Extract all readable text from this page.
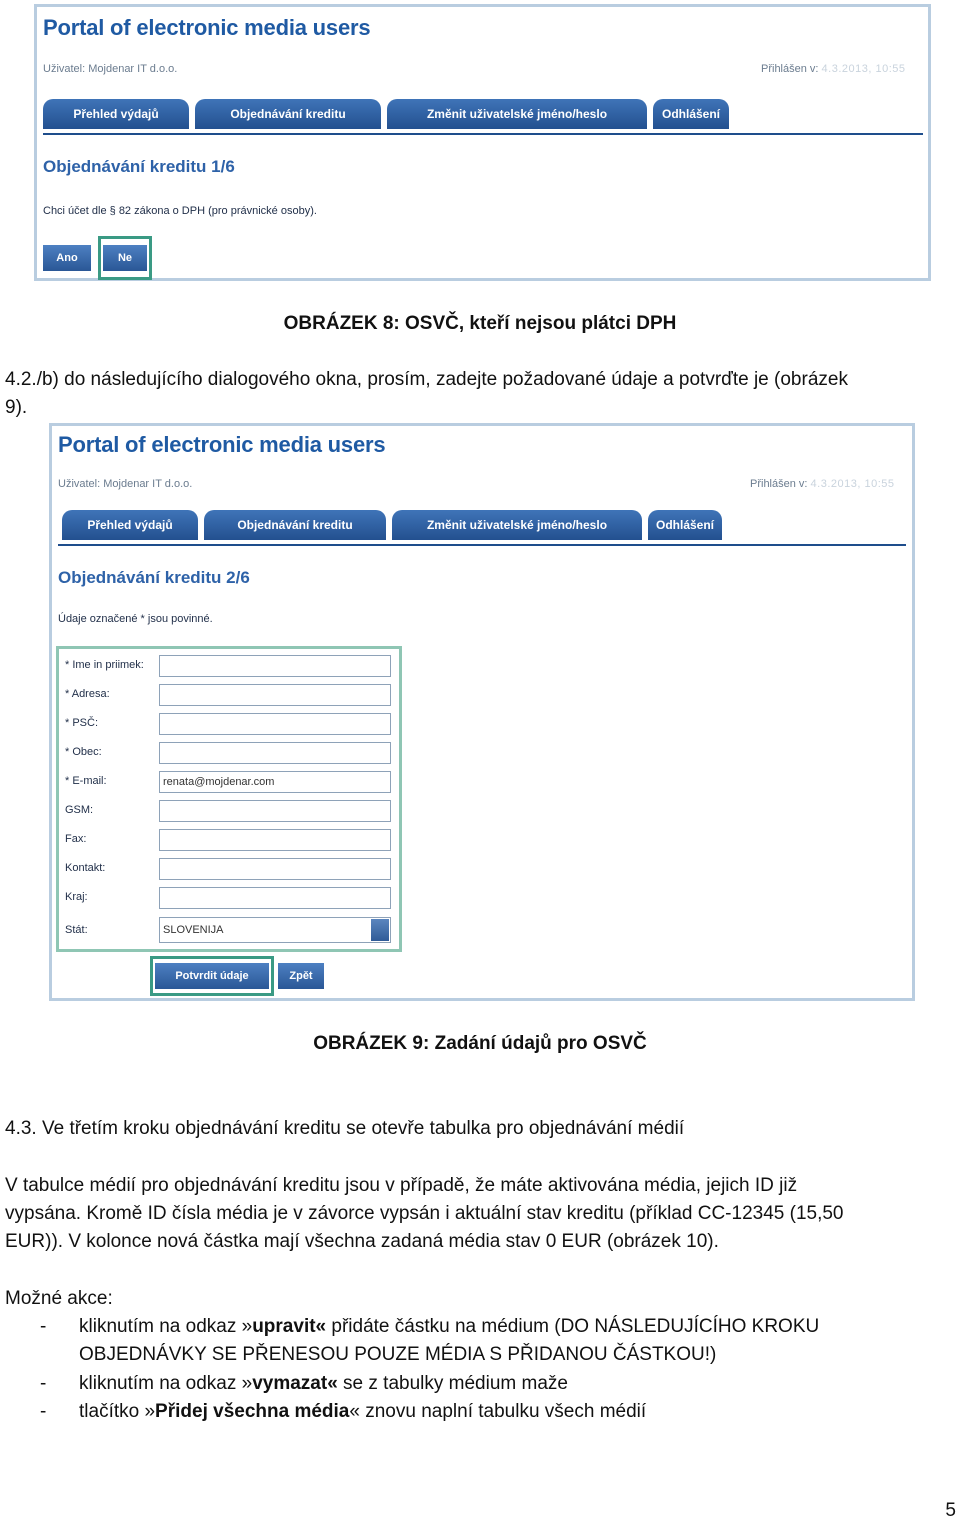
Portal of electronic media users
Uživatel: Mojdenar IT d.o.o.	Přihlášen v: 4.3.2013, 10:55
Přehled výdajů	Objednávání kreditu	Změnit uživatelské jméno/heslo	Odhlášení
Objednávání kreditu 1/6
Chci účet dle § 82 zákona o DPH (pro právnické osoby).
Ano	Ne
OBRÁZEK 8: OSVČ, kteří nejsou plátci DPH
4.2./b) do následujícího dialogového okna, prosím, zadejte požadované údaje a potvrďte je (obrázek
9).
Portal of electronic media users
Uživatel: Mojdenar IT d.o.o.	Přihlášen v: 4.3.2013, 10:55
Přehled výdajů	Objednávání kreditu	Změnit uživatelské jméno/heslo	Odhlášení
Objednávání kreditu 2/6
Údaje označené * jsou povinné.
* Ime in priimek:
* Adresa:
* PSČ:
* Obec:
* E-mail:	renata@mojdenar.com
GSM:
Fax:
Kontakt:
Kraj:
Stát:	SLOVENIJA
Potvrdit údaje	Zpět
OBRÁZEK 9: Zadání údajů pro OSVČ
4.3. Ve třetím kroku objednávání kreditu se otevře tabulka pro objednávání médií
V tabulce médií pro objednávání kreditu jsou v případě, že máte aktivována média, jejich ID již
vypsána. Kromě ID čísla média je v závorce vypsán i aktuální stav kreditu (příklad CC-12345 (15,50
EUR)). V kolonce nová částka mají všechna zadaná média stav 0 EUR (obrázek 10).
Možné akce:
- kliknutím na odkaz »upravit« přidáte částku na médium (DO NÁSLEDUJÍCÍHO KROKU
OBJEDNÁVKY SE PŘENESOU POUZE MÉDIA S PŘIDANOU ČÁSTKOU!)
- kliknutím na odkaz »vymazat« se z tabulky médium maže
- tlačítko »Přidej všechna média« znovu naplní tabulku všech médií
5
